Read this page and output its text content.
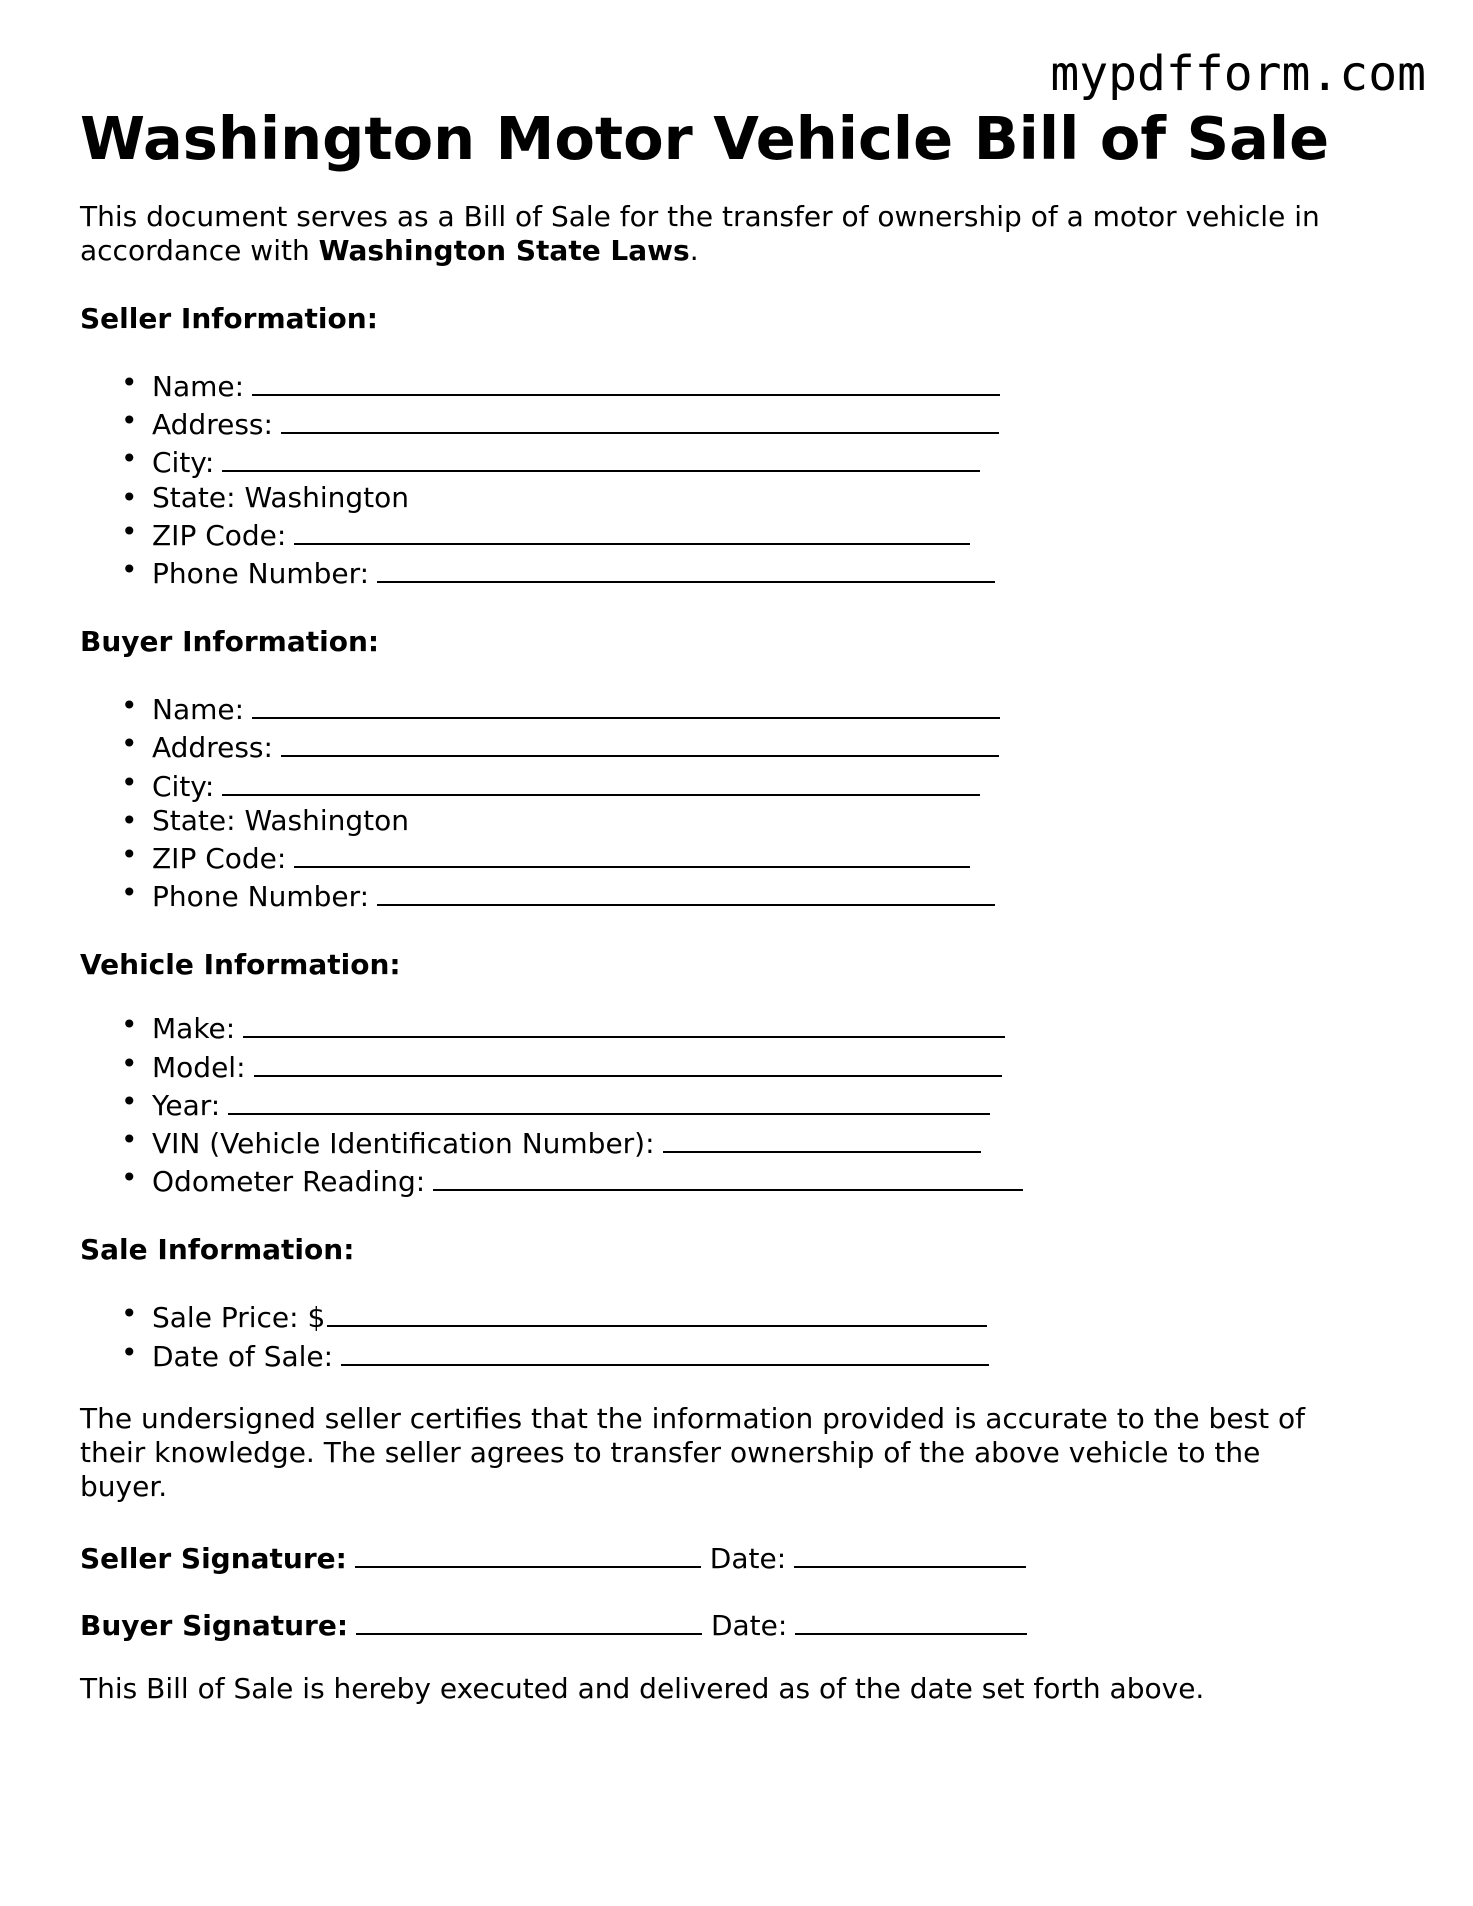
mypdfform.com
Washington Motor Vehicle Bill of Sale

This document serves as a Bill of Sale for the transfer of ownership of a motor vehicle in accordance with Washington State Laws.

Seller Information:
• Name:
• Address:
• City:
• State: Washington
• ZIP Code:
• Phone Number:
Buyer Information:
• Name:
• Address:
• City:
• State: Washington
• ZIP Code:
• Phone Number:
Vehicle Information:
• Make:
• Model:
• Year:
• VIN (Vehicle Identification Number):
• Odometer Reading:
Sale Information:
• Sale Price: $
• Date of Sale:

The undersigned seller certifies that the information provided is accurate to the best of their knowledge. The seller agrees to transfer ownership of the above vehicle to the buyer.

Seller Signature:	Date:
Buyer Signature:	Date:

This Bill of Sale is hereby executed and delivered as of the date set forth above.
